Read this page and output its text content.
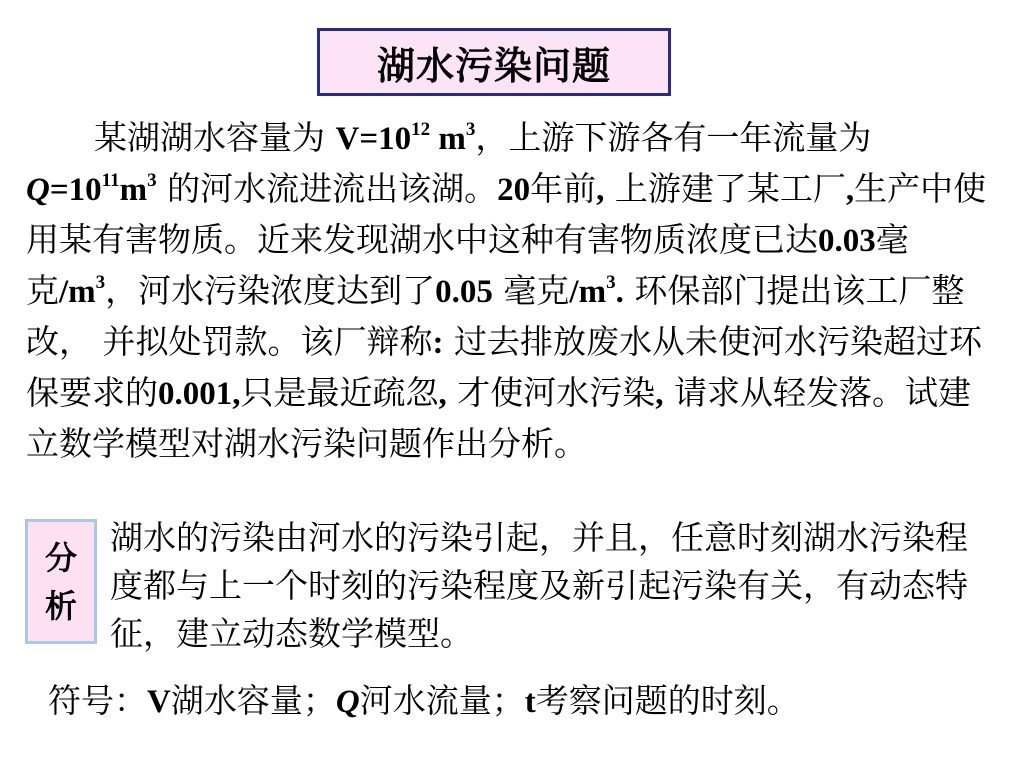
湖水污染问题

某湖湖水容量为 $V=10^{12}$ $m^3$，上游下游各有一年流量为 $Q=10^{11}m^3$ 的河水流进流出该湖。20年前, 上游建了某工厂,生产中使用某有害物质。近来发现湖水中这种有害物质浓度已达0.03毫克$/m^3$，河水污染浓度达到了0.05 毫克$/m^3$. 环保部门提出该工厂整改， 并拟处罚款。该厂辩称: 过去排放废水从未使河水污染超过环保要求的0.001,只是最近疏忽, 才使河水污染, 请求从轻发落。试建立数学模型对湖水污染问题作出分析。

分
析

湖水的污染由河水的污染引起，并且，任意时刻湖水污染程度都与上一个时刻的污染程度及新引起污染有关，有动态特征，建立动态数学模型。

符号：V湖水容量；Q河水流量；t考察问题的时刻。
